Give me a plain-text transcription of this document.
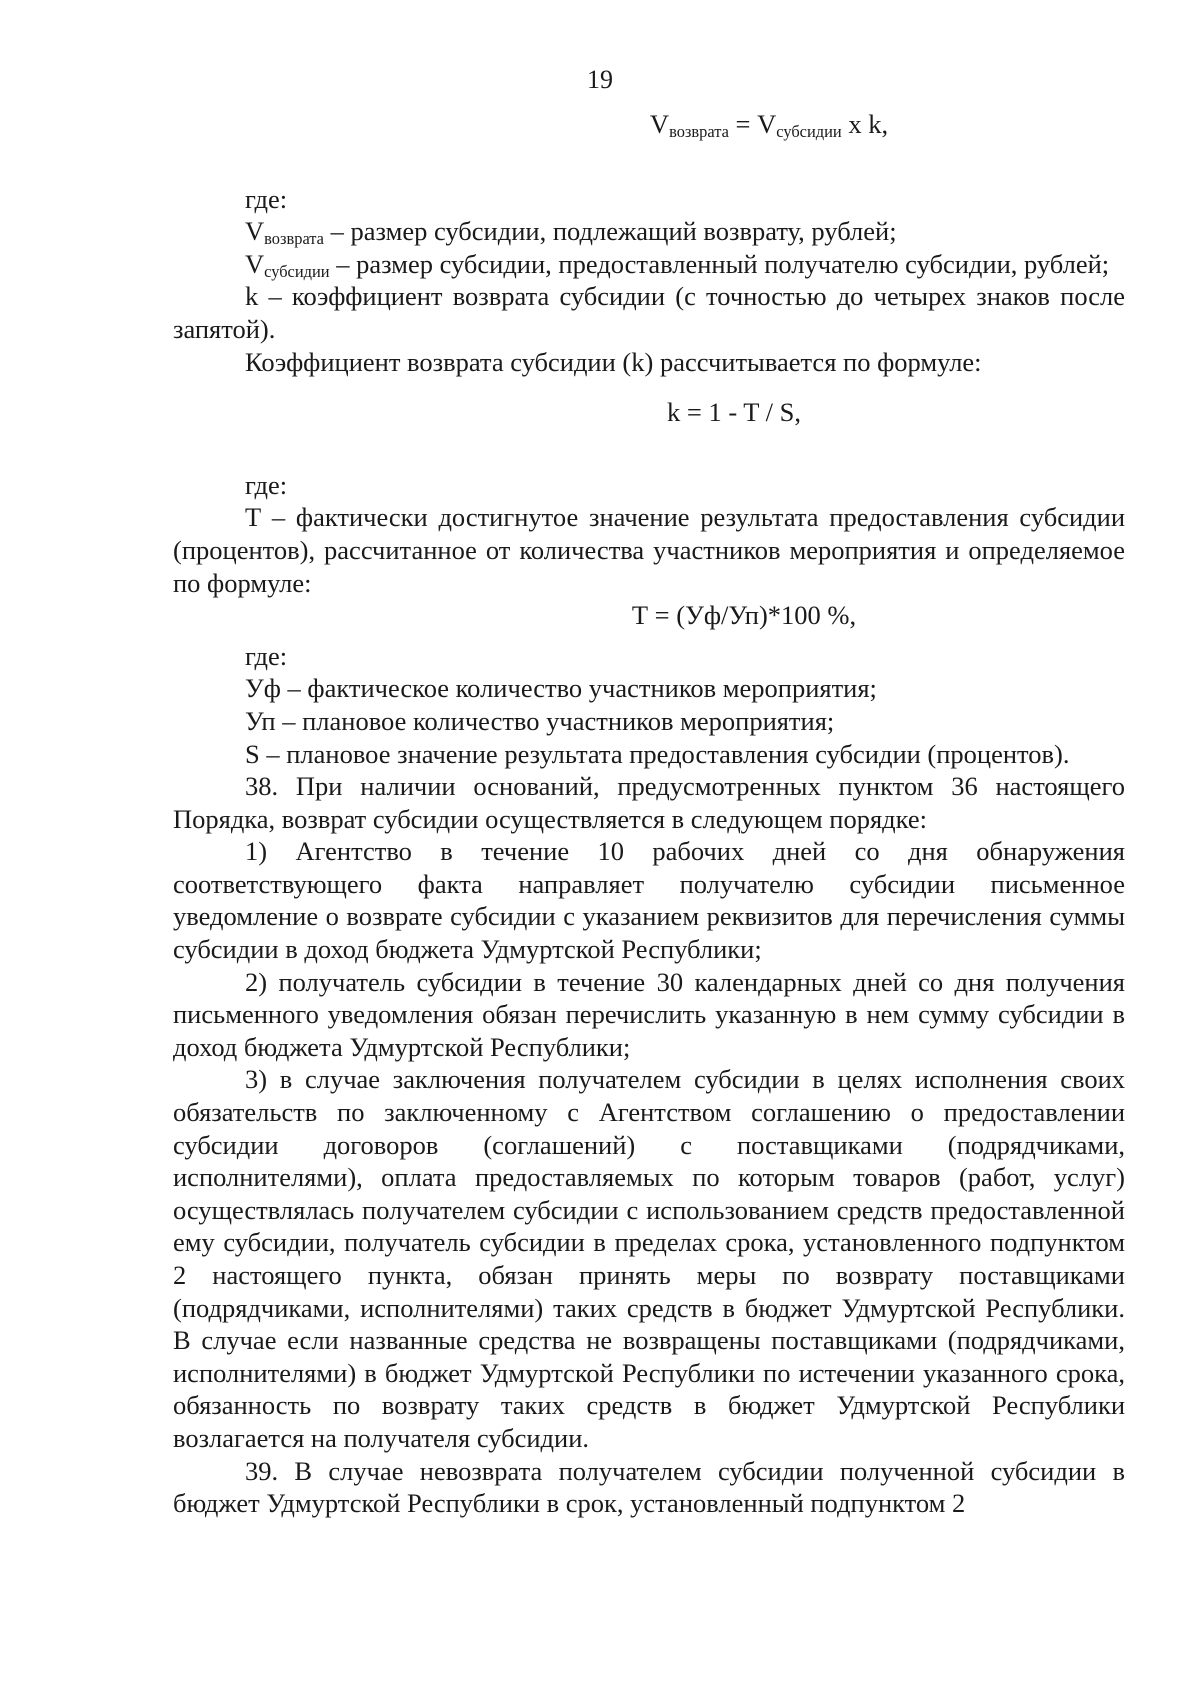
19

$V_{возврата} = V_{субсидии}$ x k,

где:

$V_{возврата}$ – размер субсидии, подлежащий возврату, рублей;

$V_{субсидии}$ – размер субсидии, предоставленный получателю субсидии, рублей;

k – коэффициент возврата субсидии (с точностью до четырех знаков после запятой).

Коэффициент возврата субсидии (k) рассчитывается по формуле:

k = 1 - T / S,

где:

Т – фактически достигнутое значение результата предоставления субсидии (процентов), рассчитанное от количества участников мероприятия и определяемое по формуле:

Т = (Уф/Уп)*100 %,

где:

Уф – фактическое количество участников мероприятия;

Уп – плановое количество участников мероприятия;

S – плановое значение результата предоставления субсидии (процентов).

38. При наличии оснований, предусмотренных пунктом 36 настоящего Порядка, возврат субсидии осуществляется в следующем порядке:

1) Агентство в течение 10 рабочих дней со дня обнаружения соответствующего факта направляет получателю субсидии письменное уведомление о возврате субсидии с указанием реквизитов для перечисления суммы субсидии в доход бюджета Удмуртской Республики;

2) получатель субсидии в течение 30 календарных дней со дня получения письменного уведомления обязан перечислить указанную в нем сумму субсидии в доход бюджета Удмуртской Республики;

3) в случае заключения получателем субсидии в целях исполнения своих обязательств по заключенному с Агентством соглашению о предоставлении субсидии договоров (соглашений) с поставщиками (подрядчиками, исполнителями), оплата предоставляемых по которым товаров (работ, услуг) осуществлялась получателем субсидии с использованием средств предоставленной ему субсидии, получатель субсидии в пределах срока, установленного подпунктом 2 настоящего пункта, обязан принять меры по возврату поставщиками (подрядчиками, исполнителями) таких средств в бюджет Удмуртской Республики. В случае если названные средства не возвращены поставщиками (подрядчиками, исполнителями) в бюджет Удмуртской Республики по истечении указанного срока, обязанность по возврату таких средств в бюджет Удмуртской Республики возлагается на получателя субсидии.

39. В случае невозврата получателем субсидии полученной субсидии в бюджет Удмуртской Республики в срок, установленный подпунктом 2
